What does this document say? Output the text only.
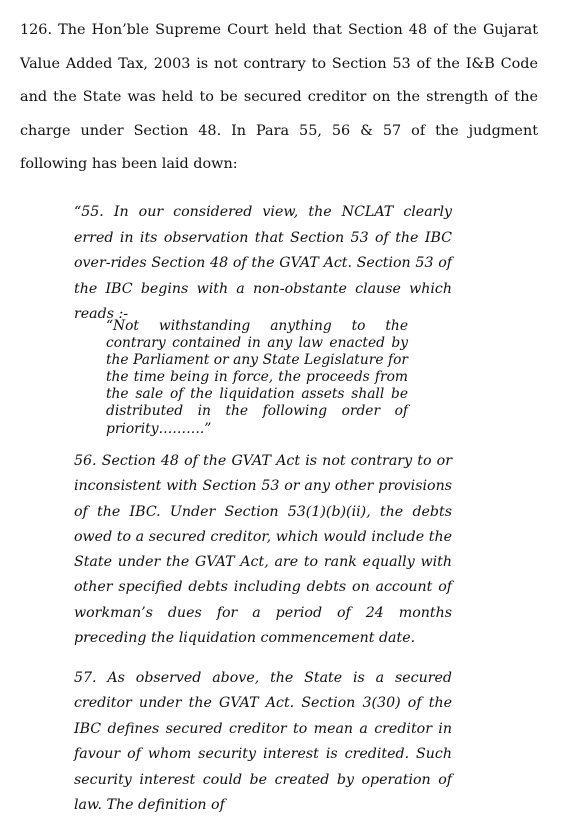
126. The Hon’ble Supreme Court held that Section 48 of the Gujarat Value Added Tax, 2003 is not contrary to Section 53 of the I&B Code and the State was held to be secured creditor on the strength of the charge under Section 48. In Para 55, 56 & 57 of the judgment following has been laid down:

“55. In our considered view, the NCLAT clearly erred in its observation that Section 53 of the IBC over-rides Section 48 of the GVAT Act. Section 53 of the IBC begins with a non-obstante clause which reads :-

“Not withstanding anything to the contrary contained in any law enacted by the Parliament or any State Legislature for the time being in force, the proceeds from the sale of the liquidation assets shall be distributed in the following order of priority……….”

56. Section 48 of the GVAT Act is not contrary to or inconsistent with Section 53 or any other provisions of the IBC. Under Section 53(1)(b)(ii), the debts owed to a secured creditor, which would include the State under the GVAT Act, are to rank equally with other specified debts including debts on account of workman’s dues for a period of 24 months preceding the liquidation commencement date.

57. As observed above, the State is a secured creditor under the GVAT Act. Section 3(30) of the IBC defines secured creditor to mean a creditor in favour of whom security interest is credited. Such security interest could be created by operation of law. The definition of
